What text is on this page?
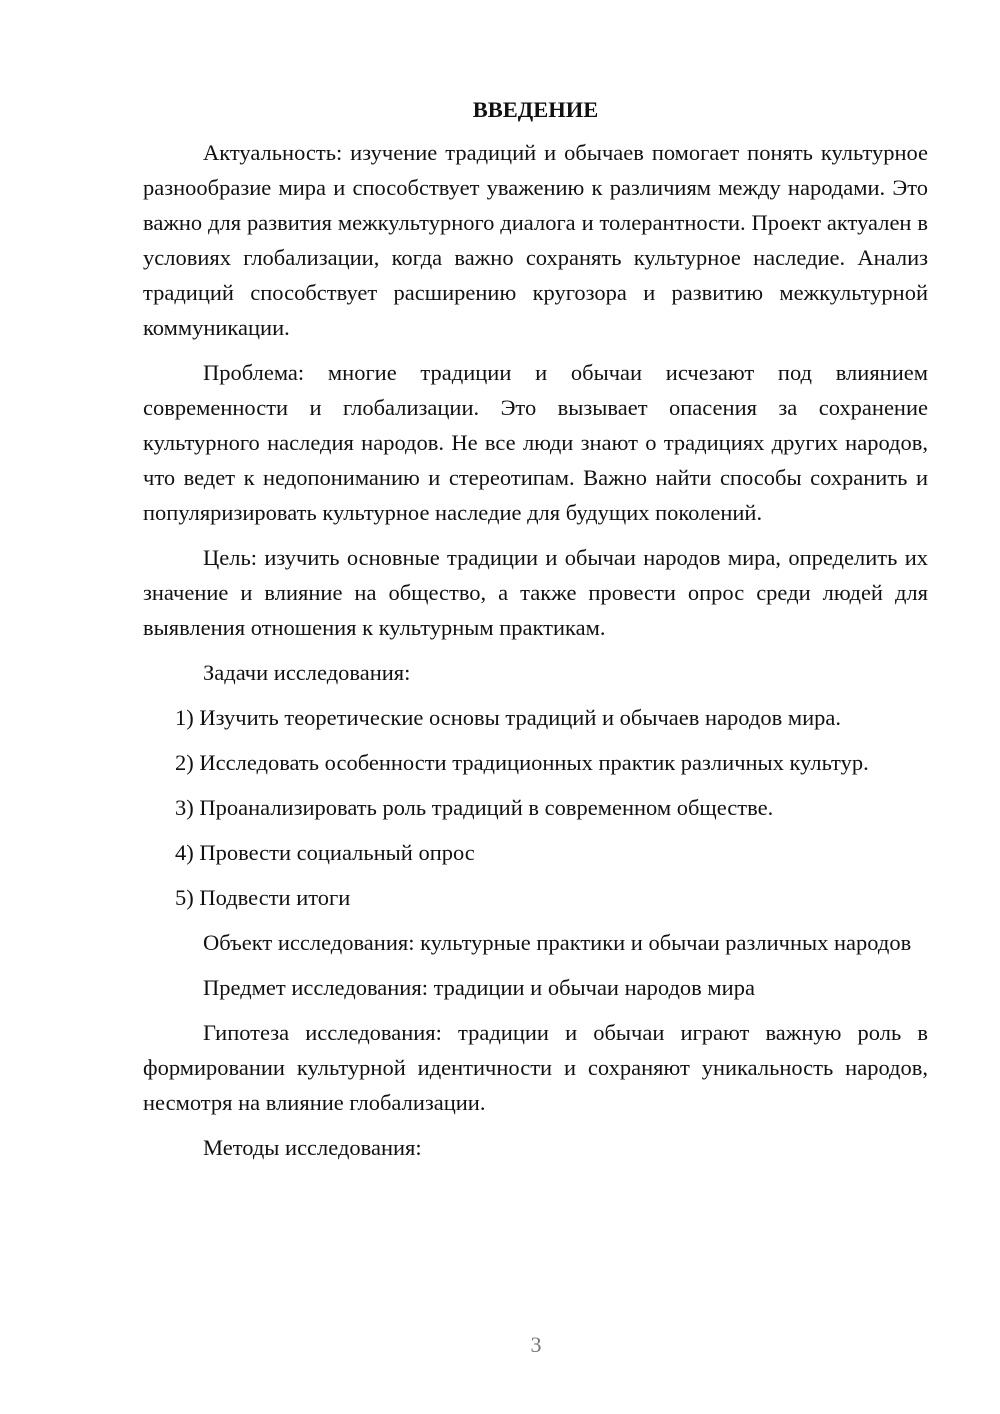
ВВЕДЕНИЕ

Актуальность: изучение традиций и обычаев помогает понять культурное разнообразие мира и способствует уважению к различиям между народами. Это важно для развития межкультурного диалога и толерантности. Проект актуален в условиях глобализации, когда важно сохранять культурное наследие. Анализ традиций способствует расширению кругозора и развитию межкультурной коммуникации.

Проблема: многие традиции и обычаи исчезают под влиянием современности и глобализации. Это вызывает опасения за сохранение культурного наследия народов. Не все люди знают о традициях других народов, что ведет к недопониманию и стереотипам. Важно найти способы сохранить и популяризировать культурное наследие для будущих поколений.

Цель: изучить основные традиции и обычаи народов мира, определить их значение и влияние на общество, а также провести опрос среди людей для выявления отношения к культурным практикам.

Задачи исследования:

1) Изучить теоретические основы традиций и обычаев народов мира.

2) Исследовать особенности традиционных практик различных культур.

3) Проанализировать роль традиций в современном обществе.

4) Провести социальный опрос

5) Подвести итоги

Объект исследования: культурные практики и обычаи различных народов

Предмет исследования: традиции и обычаи народов мира

Гипотеза исследования: традиции и обычаи играют важную роль в формировании культурной идентичности и сохраняют уникальность народов, несмотря на влияние глобализации.

Методы исследования:

3
